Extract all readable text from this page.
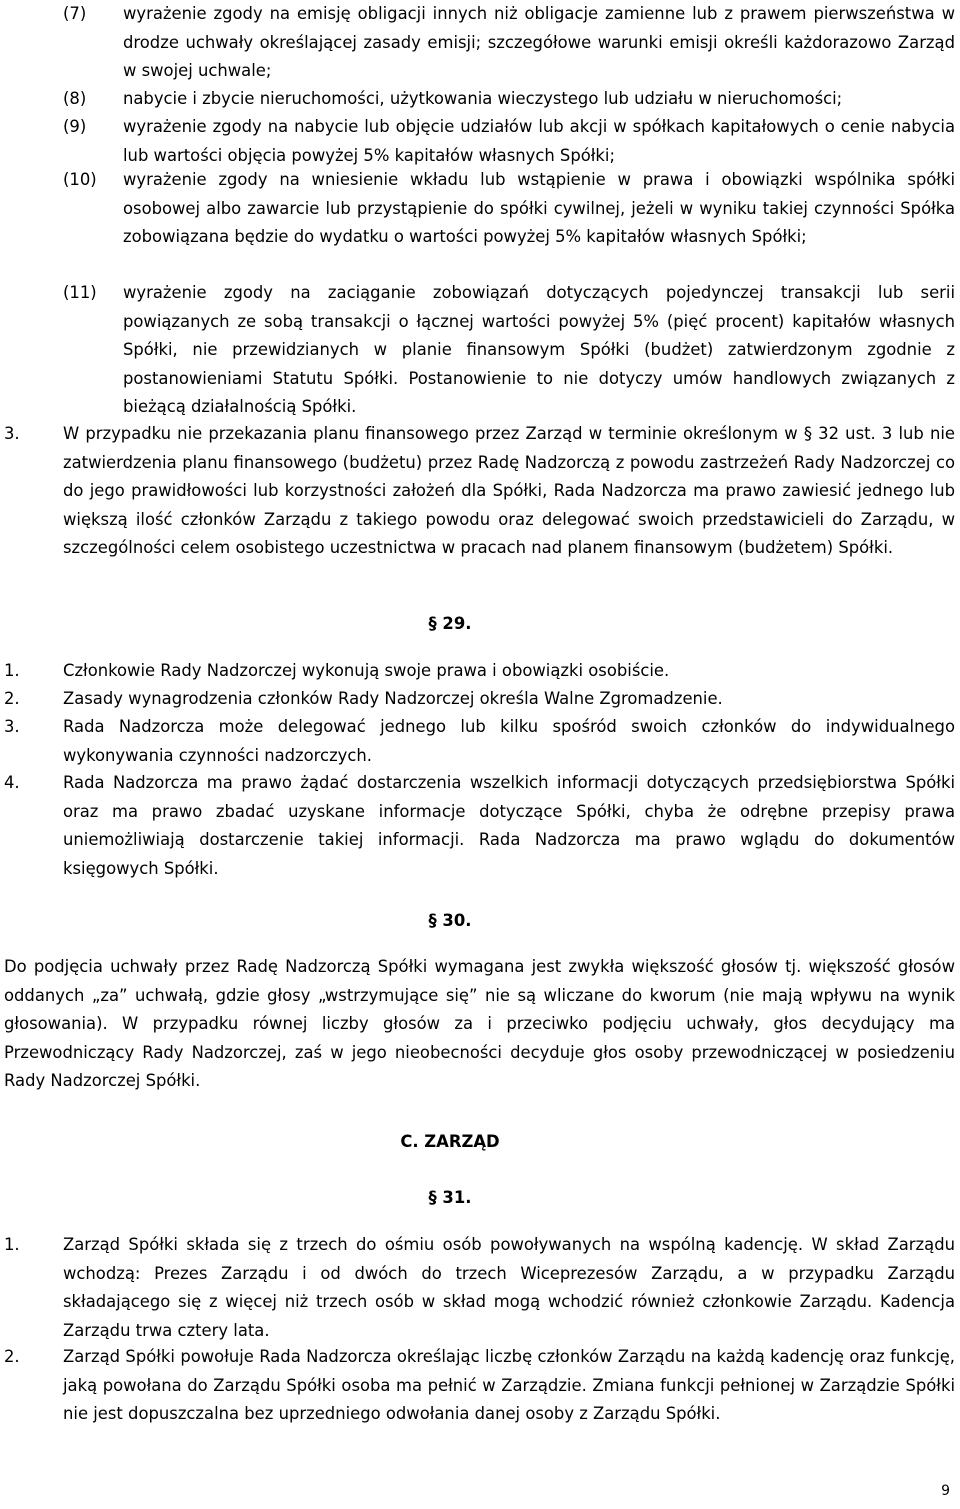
(7) wyrażenie zgody na emisję obligacji innych niż obligacje zamienne lub z prawem pierwszeństwa w drodze uchwały określającej zasady emisji; szczegółowe warunki emisji określi każdorazowo Zarząd w swojej uchwale;
(8) nabycie i zbycie nieruchomości, użytkowania wieczystego lub udziału w nieruchomości;
(9) wyrażenie zgody na nabycie lub objęcie udziałów lub akcji w spółkach kapitałowych o cenie nabycia lub wartości objęcia powyżej 5% kapitałów własnych Spółki;
(10) wyrażenie zgody na wniesienie wkładu lub wstąpienie w prawa i obowiązki wspólnika spółki osobowej albo zawarcie lub przystąpienie do spółki cywilnej, jeżeli w wyniku takiej czynności Spółka zobowiązana będzie do wydatku o wartości powyżej 5% kapitałów własnych Spółki;
(11) wyrażenie zgody na zaciąganie zobowiązań dotyczących pojedynczej transakcji lub serii powiązanych ze sobą transakcji o łącznej wartości powyżej 5% (pięć procent) kapitałów własnych Spółki, nie przewidzianych w planie finansowym Spółki (budżet) zatwierdzonym zgodnie z postanowieniami Statutu Spółki. Postanowienie to nie dotyczy umów handlowych związanych z bieżącą działalnością Spółki.
3.	W przypadku nie przekazania planu finansowego przez Zarząd w terminie określonym w § 32 ust. 3 lub nie zatwierdzenia planu finansowego (budżetu) przez Radę Nadzorczą z powodu zastrzeżeń Rady Nadzorczej co do jego prawidłowości lub korzystności założeń dla Spółki, Rada Nadzorcza ma prawo zawiesić jednego lub większą ilość członków Zarządu z takiego powodu oraz delegować swoich przedstawicieli do Zarządu, w szczególności celem osobistego uczestnictwa w pracach nad planem finansowym (budżetem) Spółki.
§ 29.
1.	Członkowie Rady Nadzorczej wykonują swoje prawa i obowiązki osobiście.
2.	Zasady wynagrodzenia członków Rady Nadzorczej określa Walne Zgromadzenie.
3.	Rada Nadzorcza może delegować jednego lub kilku spośród swoich członków do indywidualnego wykonywania czynności nadzorczych.
4.	Rada Nadzorcza ma prawo żądać dostarczenia wszelkich informacji dotyczących przedsiębiorstwa Spółki oraz ma prawo zbadać uzyskane informacje dotyczące Spółki, chyba że odrębne przepisy prawa uniemożliwiają dostarczenie takiej informacji. Rada Nadzorcza ma prawo wglądu do dokumentów księgowych Spółki.
§ 30.
Do podjęcia uchwały przez Radę Nadzorczą Spółki wymagana jest zwykła większość głosów tj. większość głosów oddanych „za” uchwałą, gdzie głosy „wstrzymujące się” nie są wliczane do kworum (nie mają wpływu na wynik głosowania). W przypadku równej liczby głosów za i przeciwko podjęciu uchwały, głos decydujący ma Przewodniczący Rady Nadzorczej, zaś w jego nieobecności decyduje głos osoby przewodniczącej w posiedzeniu Rady Nadzorczej Spółki.
C. ZARZĄD
§ 31.
1.	Zarząd Spółki składa się z trzech do ośmiu osób powoływanych na wspólną kadencję. W skład Zarządu wchodzą: Prezes Zarządu i od dwóch do trzech Wiceprezesów Zarządu, a w przypadku Zarządu składającego się z więcej niż trzech osób w skład mogą wchodzić również członkowie Zarządu. Kadencja Zarządu trwa cztery lata.
2.	Zarząd Spółki powołuje Rada Nadzorcza określając liczbę członków Zarządu na każdą kadencję oraz funkcję, jaką powołana do Zarządu Spółki osoba ma pełnić w Zarządzie. Zmiana funkcji pełnionej w Zarządzie Spółki nie jest dopuszczalna bez uprzedniego odwołania danej osoby z Zarządu Spółki.
9
